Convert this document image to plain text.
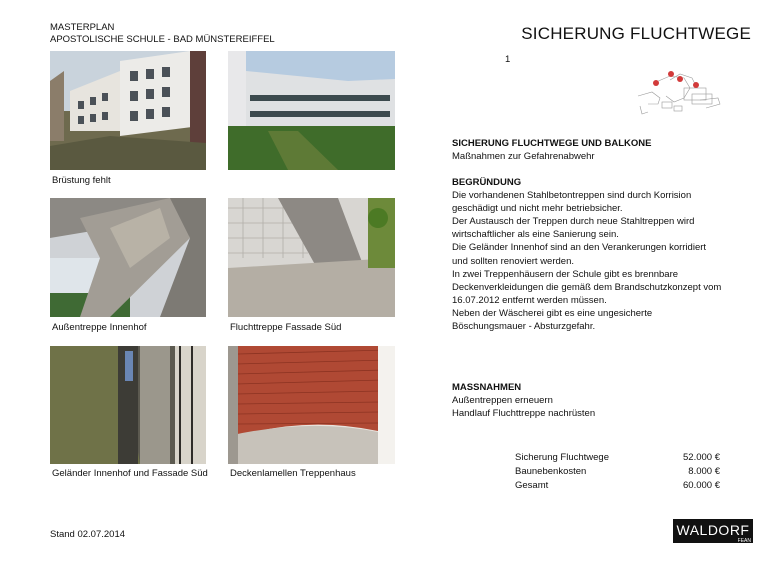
MASTERPLAN
APOSTOLISCHE SCHULE - BAD MÜNSTEREIFFEL	SICHERUNG FLUCHTWEGE
1
Brüstung fehlt
Außentreppe Innenhof	Fluchttreppe Fassade Süd
Geländer Innenhof und Fassade Süd Deckenlamellen Treppenhaus
SICHERUNG FLUCHTWEGE UND BALKONE
Maßnahmen zur Gefahrenabwehr
BEGRÜNDUNG
Die vorhandenen Stahlbetontreppen sind durch Korrision
geschädigt und nicht mehr betriebsicher.
Der Austausch der Treppen durch neue Stahltreppen wird
wirtschaftlicher als eine Sanierung sein.
Die Geländer Innenhof sind an den Verankerungen korridiert
und sollten renoviert werden.
In zwei Treppenhäusern der Schule gibt es brennbare
Deckenverkleidungen die gemäß dem Brandschutzkonzept vom
16.07.2012 entfernt werden müssen.
Neben der Wäscherei gibt es eine ungesicherte
Böschungsmauer - Absturzgefahr.
MASSNAHMEN
Außentreppen erneuern
Handlauf Fluchttreppe nachrüsten
Sicherung Fluchtwege	52.000 €
Baunebenkosten	8.000 €
Gesamt	60.000 €
Stand 02.07.2014	WALDORF
FEAN
